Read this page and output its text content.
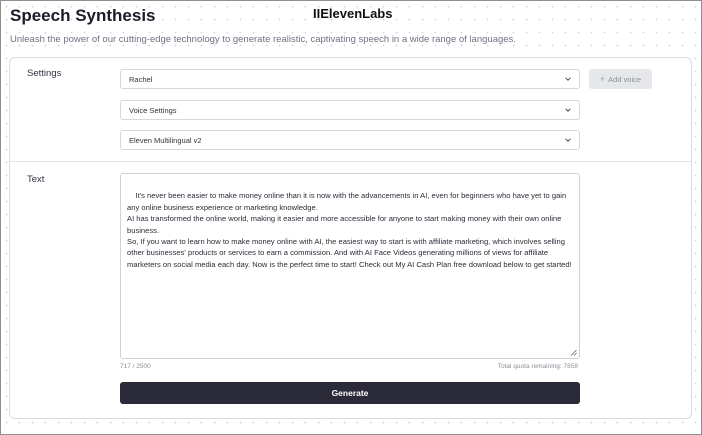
Speech Synthesis	IIElevenLabs
Unleash the power of our cutting-edge technology to generate realistic, captivating speech in a wide range of languages.
Settings
Rachel	+ Add voice
Voice Settings
Eleven Multilingual v2
Text

It's never been easier to make money online than it is now with the advancements in AI, even for beginners who have yet to gain any online business experience or marketing knowledge.
AI has transformed the online world, making it easier and more accessible for anyone to start making money with their own online business.
So, If you want to learn how to make money online with AI, the easiest way to start is with affiliate marketing, which involves selling other businesses' products or services to earn a commission. And with AI Face Videos generating millions of views for affiliate marketers on social media each day. Now is the perfect time to start! Check out My AI Cash Plan free download below to get started!

717 / 2500	Total quota remaining: 7858
Generate
